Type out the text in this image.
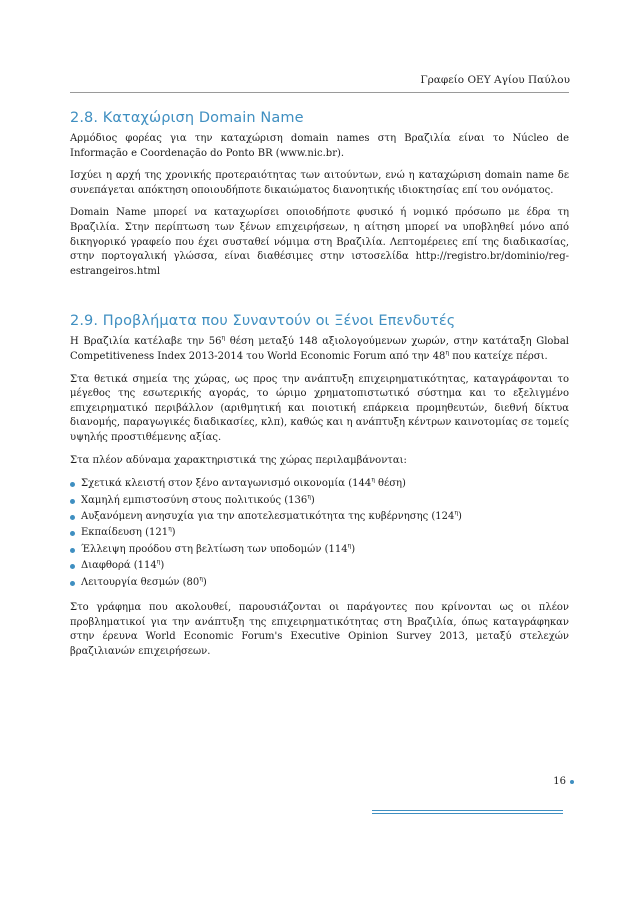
Γραφείο ΟΕΥ Αγίου Παύλου
2.8. Καταχώριση Domain Name

Αρμόδιος φορέας για την καταχώριση domain names στη Βραζιλία είναι το Núcleo de Informação e Coordenação do Ponto BR (www.nic.br).

Ισχύει η αρχή της χρονικής προτεραιότητας των αιτούντων, ενώ η καταχώριση domain name δε συνεπάγεται απόκτηση οποιουδήποτε δικαιώματος διανοητικής ιδιοκτησίας επί του ονόματος.

Domain Name μπορεί να καταχωρίσει οποιοδήποτε φυσικό ή νομικό πρόσωπο με έδρα τη Βραζιλία. Στην περίπτωση των ξένων επιχειρήσεων, η αίτηση μπορεί να υποβληθεί μόνο από δικηγορικό γραφείο που έχει συσταθεί νόμιμα στη Βραζιλία. Λεπτομέρειες επί της διαδικασίας, στην πορτογαλική γλώσσα, είναι διαθέσιμες στην ιστοσελίδα http://registro.br/dominio/reg-estrangeiros.html

2.9. Προβλήματα που Συναντούν οι Ξένοι Επενδυτές

Η Βραζιλία κατέλαβε την $56^\eta$ θέση μεταξύ 148 αξιολογούμενων χωρών, στην κατάταξη Global Competitiveness Index 2013-2014 του World Economic Forum από την $48^\eta$ που κατείχε πέρσι.

Στα θετικά σημεία της χώρας, ως προς την ανάπτυξη επιχειρηματικότητας, καταγράφονται το μέγεθος της εσωτερικής αγοράς, το ώριμο χρηματοπιστωτικό σύστημα και το εξελιγμένο επιχειρηματικό περιβάλλον (αριθμητική και ποιοτική επάρκεια προμηθευτών, διεθνή δίκτυα διανομής, παραγωγικές διαδικασίες, κλπ), καθώς και η ανάπτυξη κέντρων καινοτομίας σε τομείς υψηλής προστιθέμενης αξίας.

Στα πλέον αδύναμα χαρακτηριστικά της χώρας περιλαμβάνονται:

Σχετικά κλειστή στον ξένο ανταγωνισμό οικονομία ($144^\eta$ θέση)
Χαμηλή εμπιστοσύνη στους πολιτικούς $(136^\eta)$
Αυξανόμενη ανησυχία για την αποτελεσματικότητα της κυβέρνησης $(124^\eta)$
Εκπαίδευση $(121^\eta)$
Έλλειψη προόδου στη βελτίωση των υποδομών $(114^\eta)$
Διαφθορά $(114^\eta)$
Λειτουργία θεσμών $(80^\eta)$

Στο γράφημα που ακολουθεί, παρουσιάζονται οι παράγοντες που κρίνονται ως οι πλέον προβληματικοί για την ανάπτυξη της επιχειρηματικότητας στη Βραζιλία, όπως καταγράφηκαν στην έρευνα World Economic Forum's Executive Opinion Survey 2013, μεταξύ στελεχών βραζιλιανών επιχειρήσεων.

16
